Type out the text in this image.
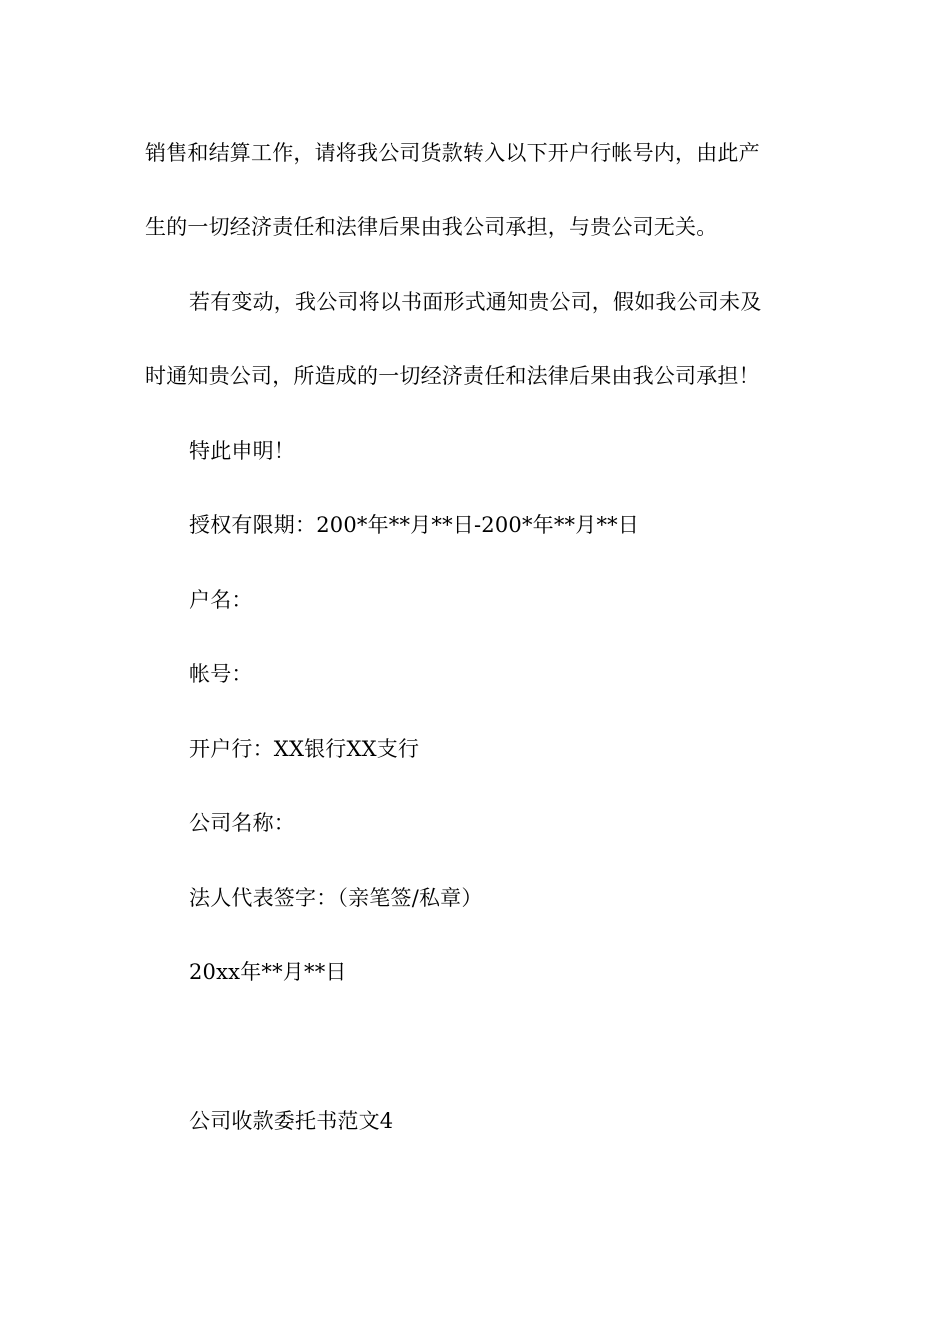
销售和结算工作，请将我公司货款转入以下开户行帐号内，由此产
生的一切经济责任和法律后果由我公司承担，与贵公司无关。
若有变动，我公司将以书面形式通知贵公司，假如我公司未及
时通知贵公司，所造成的一切经济责任和法律后果由我公司承担！
特此申明！
授权有限期：200*年**月**日-200*年**月**日
户名：
帐号：
开户行：XX银行XX支行
公司名称：
法人代表签字：（亲笔签/私章）
20xx年**月**日
公司收款委托书范文4
